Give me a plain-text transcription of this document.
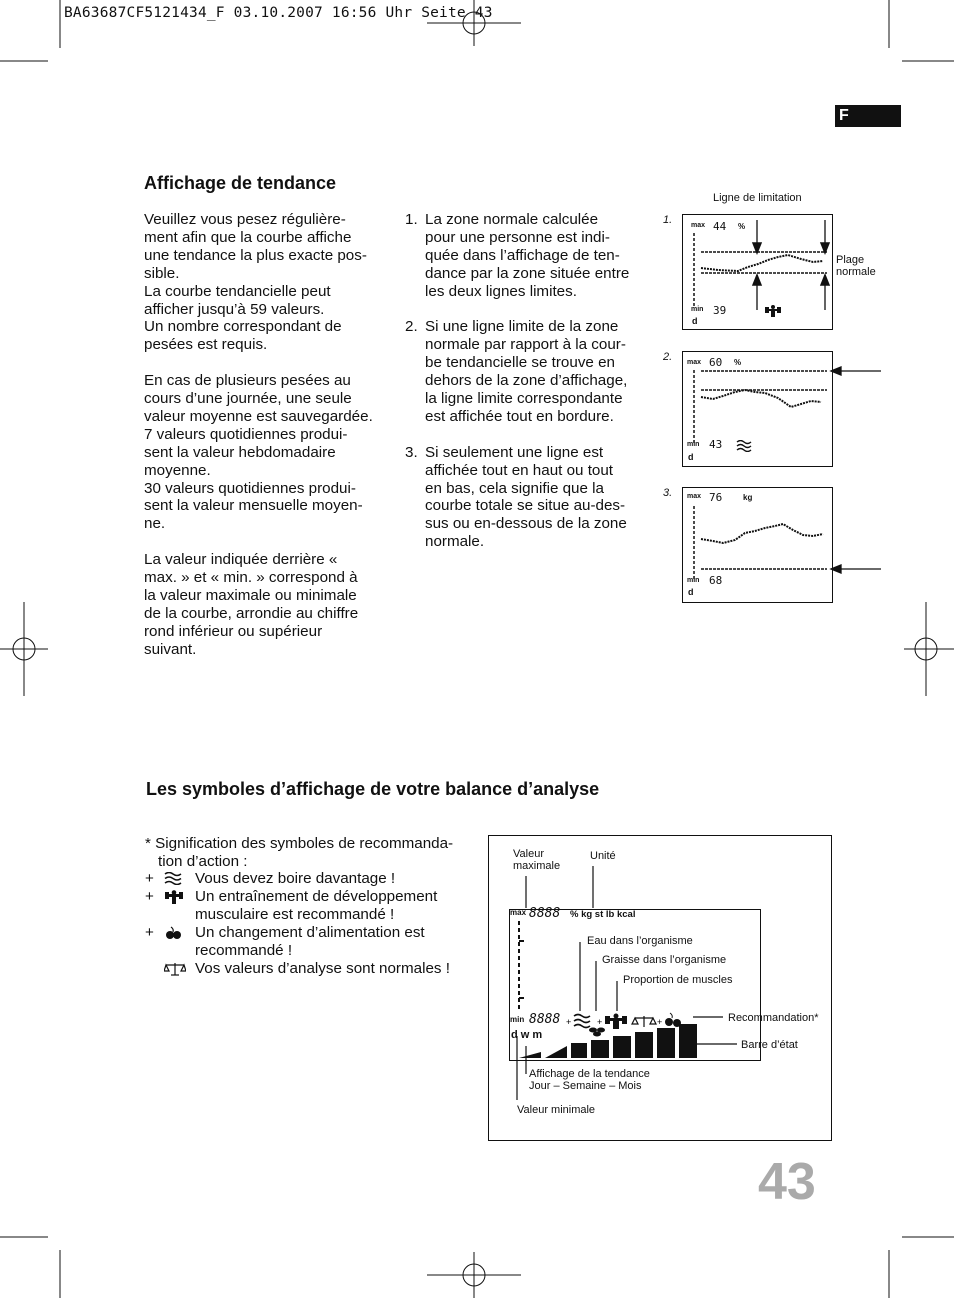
BA63687CF5121434_F 03.10.2007 16:56 Uhr Seite 43
F
Affichage de tendance
Veuillez vous pesez régulière-
ment afin que la courbe affiche
une tendance la plus exacte pos-
sible.
La courbe tendancielle peut
afficher jusqu’à 59 valeurs.
Un nombre correspondant de
pesées est requis.
En cas de plusieurs pesées au
cours d’une journée, une seule
valeur moyenne est sauvegardée.
7 valeurs quotidiennes produi-
sent la valeur hebdomadaire
moyenne.
30 valeurs quotidiennes produi-
sent la valeur mensuelle moyen-
ne.
La valeur indiquée derrière «
max. » et « min. » correspond à
la valeur maximale ou minimale
de la courbe, arrondie au chiffre
rond inférieur ou supérieur
suivant.
1. La zone normale calculée
pour une personne est indi-
quée dans l’affichage de ten-
dance par la zone située entre
les deux lignes limites.
2. Si une ligne limite de la zone
normale par rapport à la cour-
be tendancielle se trouve en
dehors de la zone d’affichage,
la ligne limite correspondante
est affichée tout en bordure.
3. Si seulement une ligne est
affichée tout en haut ou tout
en bas, cela signifie que la
courbe totale se situe au-des-
sus ou en-dessous de la zone
normale.
Ligne de limitation
Plage
normale
1.
2.
3.
max 44 %
min 39
d
max 60 %
min 43
d
max 76	kg
min 68
d
Les symboles d’affichage de votre balance d’analyse
* Signification des symboles de recommanda-
tion d’action :
+	Vous devez boire davantage !
+	Un entraînement de développement
musculaire est recommandé !
+	Un changement d’alimentation est
recommandé !
Vos valeurs d’analyse sont normales !
Valeur
maximale
Unité
Eau dans l’organisme
Graisse dans l’organisme
Proportion de muscles
Recommandation*
Barre d’état
Affichage de la tendance
Jour – Semaine – Mois
Valeur minimale
max 8888 % kg st lb kcal
min 8888
d w m
+	+	+
43
